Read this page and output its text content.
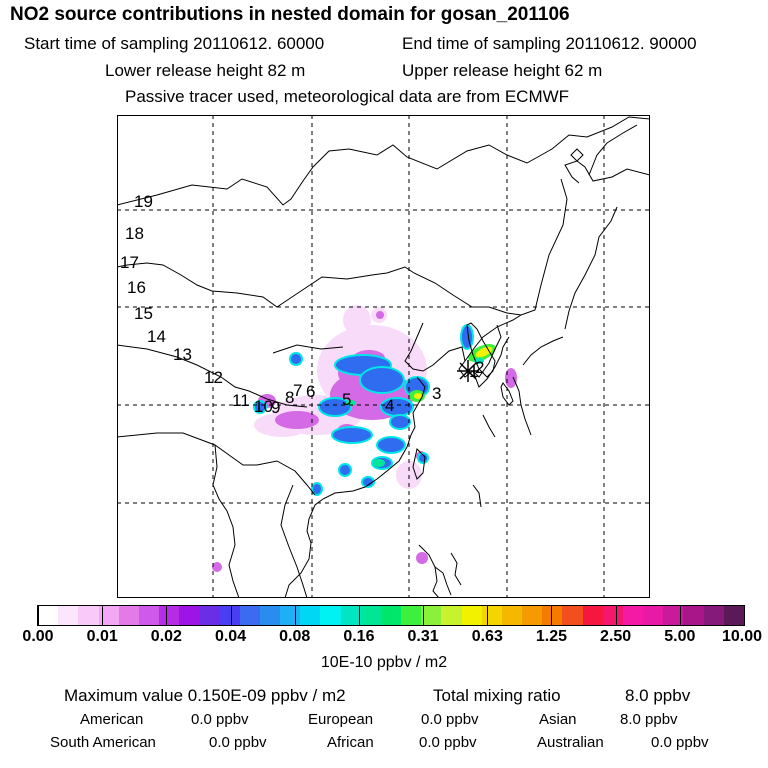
NO2 source contributions in nested domain for gosan_201106
Start time of sampling 20110612. 60000	End time of sampling 20110612. 90000
Lower release height 82 m	Upper release height 62 m
Passive tracer used, meteorological data are from ECMWF
19
18
17
16
15
14
13
12
11 10
9
8
7 6 5 4
3
2
1
10E-10 ppbv / m2
Maximum value 0.150E-09 ppbv / m2	Total mixing ratio	8.0 ppbv
American	0.0 ppbv	European	0.0 ppbv	Asian	8.0 ppbv
South American	0.0 ppbv	African	0.0 ppbv	Australian	0.0 ppbv
0.00 0.01 0.02 0.04 0.08 0.16 0.31 0.63 1.25 2.50 5.00 10.00
